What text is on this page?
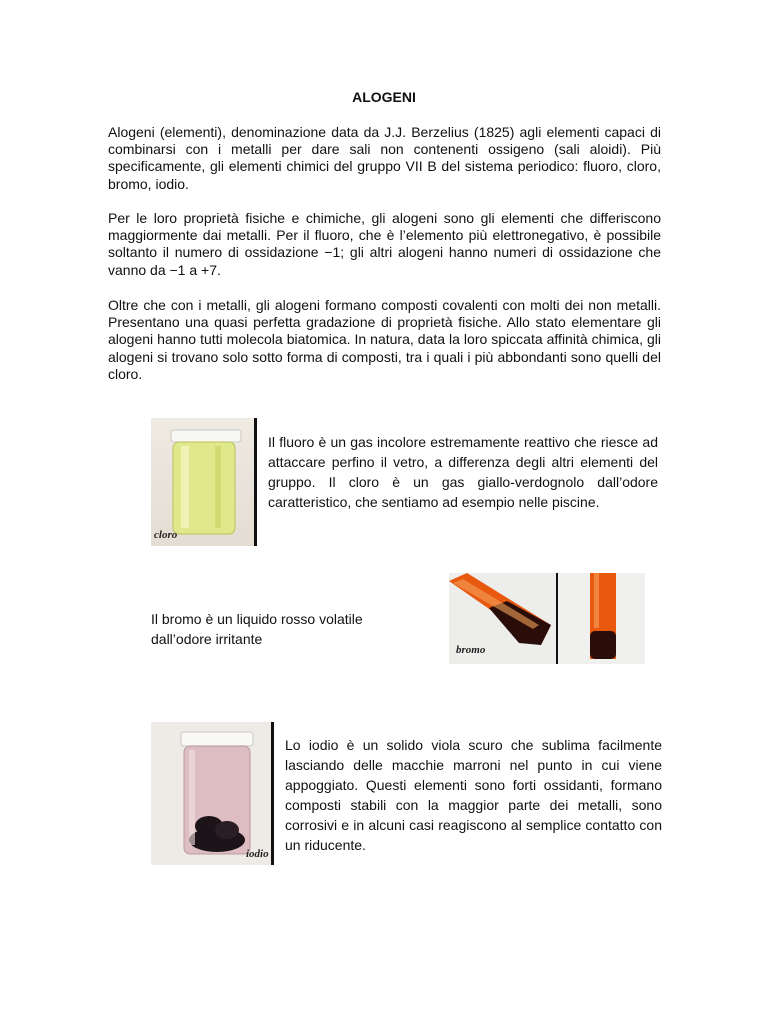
ALOGENI

Alogeni (elementi), denominazione data da J.J. Berzelius (1825) agli elementi capaci di combinarsi con i metalli per dare sali non contenenti ossigeno (sali aloidi). Più specificamente, gli elementi chimici del gruppo VII B del sistema periodico: fluoro, cloro, bromo, iodio.

Per le loro proprietà fisiche e chimiche, gli alogeni sono gli elementi che differiscono maggiormente dai metalli. Per il fluoro, che è l’elemento più elettronegativo, è possibile soltanto il numero di ossidazione −1; gli altri alogeni hanno numeri di ossidazione che vanno da −1 a +7.

Oltre che con i metalli, gli alogeni formano composti covalenti con molti dei non metalli. Presentano una quasi perfetta gradazione di proprietà fisiche. Allo stato elementare gli alogeni hanno tutti molecola biatomica. In natura, data la loro spiccata affinità chimica, gli alogeni si trovano solo sotto forma di composti, tra i quali i più abbondanti sono quelli del cloro.

cloro

Il fluoro è un gas incolore estremamente reattivo che riesce ad attaccare perfino il vetro, a differenza degli altri elementi del gruppo. Il cloro è un gas giallo-verdognolo dall’odore caratteristico, che sentiamo ad esempio nelle piscine.

Il bromo è un liquido rosso volatile
dall’odore irritante
bromo
iodio

Lo iodio è un solido viola scuro che sublima facilmente lasciando delle macchie marroni nel punto in cui viene appoggiato. Questi elementi sono forti ossidanti, formano composti stabili con la maggior parte dei metalli, sono corrosivi e in alcuni casi reagiscono al semplice contatto con un riducente.
